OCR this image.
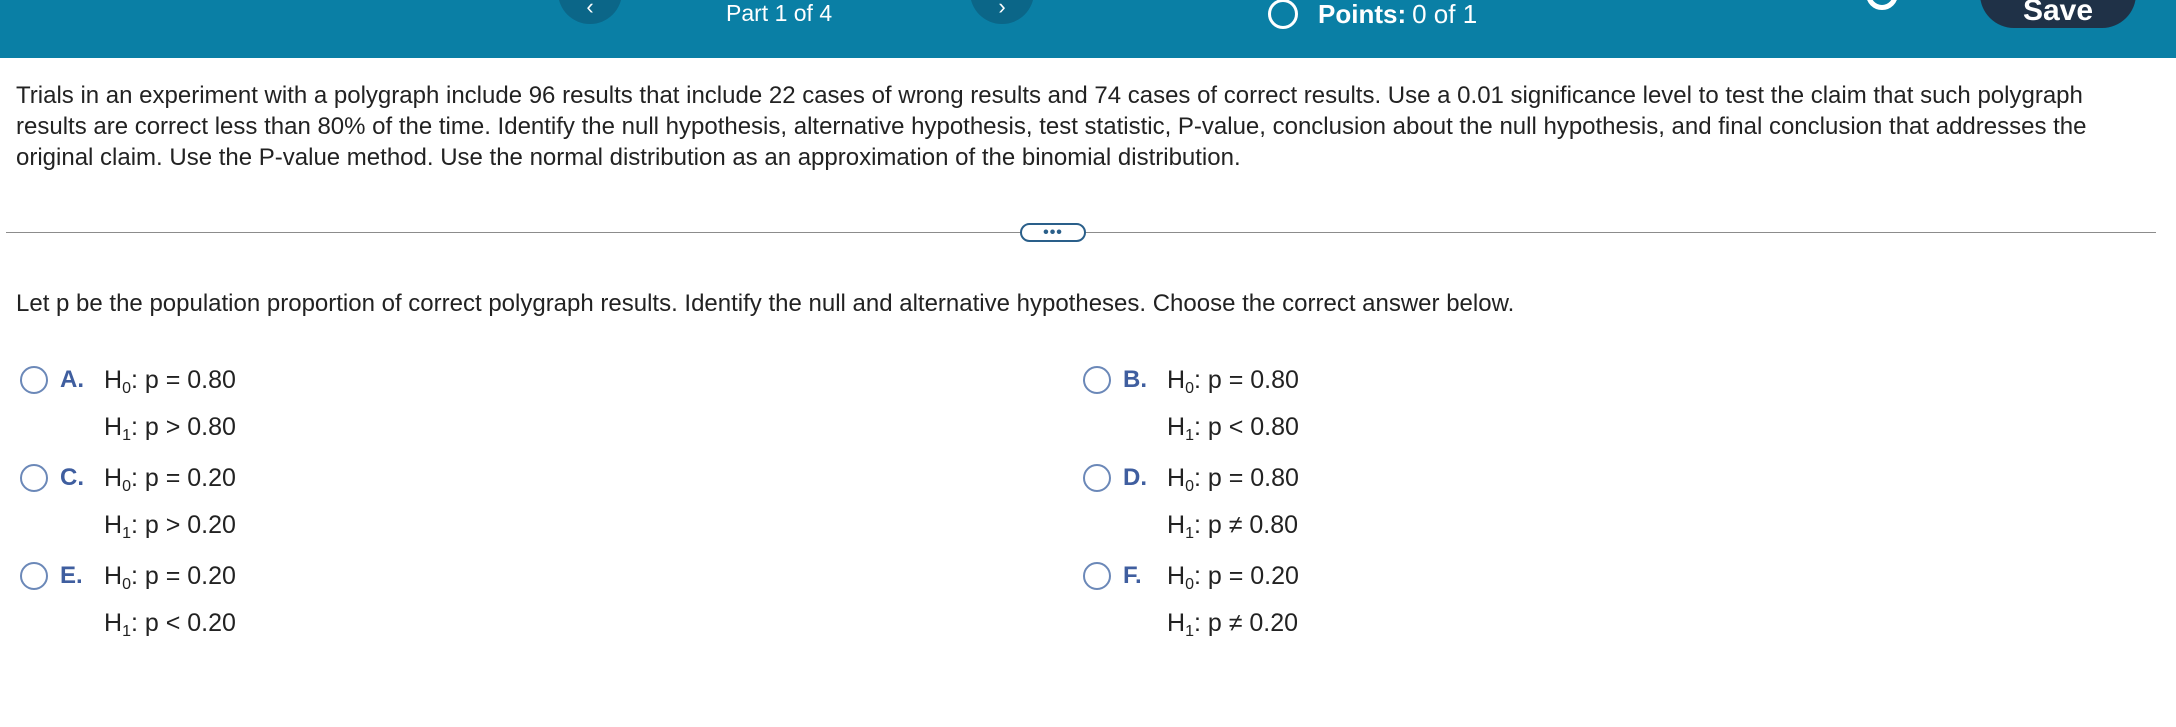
‹	Part 1 of 4	›	Points: 0 of 1	Save

Trials in an experiment with a polygraph include 96 results that include 22 cases of wrong results and 74 cases of correct results. Use a 0.01 significance level to test the claim that such polygraph results are correct less than 80% of the time. Identify the null hypothesis, alternative hypothesis, test statistic, P-value, conclusion about the null hypothesis, and final conclusion that addresses the original claim. Use the P-value method. Use the normal distribution as an approximation of the binomial distribution.

•••

Let p be the population proportion of correct polygraph results. Identify the null and alternative hypotheses. Choose the correct answer below.

A. $H_0$: p = 0.80
$H_1$: p > 0.80
B. $H_0$: p = 0.80
$H_1$: p < 0.80
C. $H_0$: p = 0.20
$H_1$: p > 0.20
D. $H_0$: p = 0.80
$H_1$: p ≠ 0.80
E. $H_0$: p = 0.20
$H_1$: p < 0.20
F.	$H_0$: p = 0.20
$H_1$: p ≠ 0.20
